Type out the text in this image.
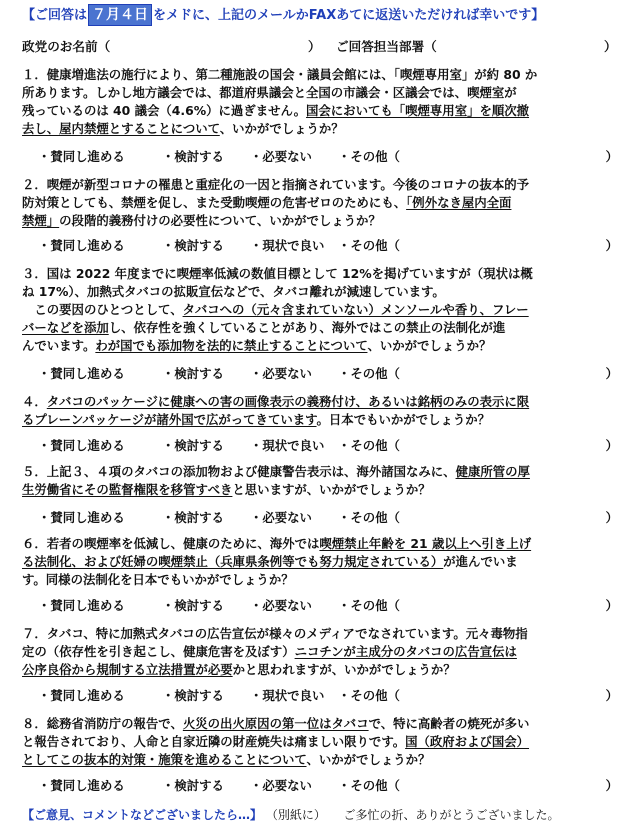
【ご回答は ７月４日 をメドに、上記のメールかFAXあてに返送いただければ幸いです】
政党のお名前（	） ご回答担当部署（	）
１．健康増進法の施行により、第二種施設の国会・議員会館には、「喫煙専用室」が約 80 か
所あります。しかし地方議会では、都道府県議会と全国の市議会・区議会では、喫煙室が
残っているのは 40 議会（4.6%）に過ぎません。国会においても「喫煙専用室」を順次撤
去し、屋内禁煙とすることについて、いかがでしょうか？
・賛同し進める	・検討する ・必要ない ・その他（	）
２．喫煙が新型コロナの罹患と重症化の一因と指摘されています。今後のコロナの抜本的予
防対策としても、禁煙を促し、また受動喫煙の危害ゼロのためにも、「例外なき屋内全面
禁煙」の段階的義務付けの必要性について、いかがでしょうか？
・賛同し進める	・検討する ・現状で良い ・その他（	）
３．国は 2022 年度までに喫煙率低減の数値目標として 12%を掲げていますが（現状は概
ね 17%）、加熱式タバコの拡販宣伝などで、タバコ離れが減速しています。
　この要因のひとつとして、タバコへの（元々含まれていない）メンソールや香り、フレー
バーなどを添加し、依存性を強くしていることがあり、海外ではこの禁止の法制化が進
んでいます。わが国でも添加物を法的に禁止することについて、いかがでしょうか？
・賛同し進める	・検討する ・必要ない ・その他（	）
４．タバコのパッケージに健康への害の画像表示の義務付け、あるいは銘柄のみの表示に限
るプレーンパッケージが諸外国で広がってきています。日本でもいかがでしょうか？
・賛同し進める	・検討する ・現状で良い ・その他（	）
５．上記３、４項のタバコの添加物および健康警告表示は、海外諸国なみに、健康所管の厚
生労働省にその監督権限を移管すべきと思いますが、いかがでしょうか？
・賛同し進める	・検討する ・必要ない ・その他（	）
６．若者の喫煙率を低減し、健康のために、海外では喫煙禁止年齢を 21 歳以上へ引き上げ
る法制化、および妊婦の喫煙禁止（兵庫県条例等でも努力規定されている）が進んでいま
す。同様の法制化を日本でもいかがでしょうか？
・賛同し進める	・検討する ・必要ない ・その他（	）
７．タバコ、特に加熱式タバコの広告宣伝が様々のメディアでなされています。元々毒物指
定の（依存性を引き起こし、健康危害を及ぼす）ニコチンが主成分のタバコの広告宣伝は
公序良俗から規制する立法措置が必要かと思われますが、いかがでしょうか？
・賛同し進める	・検討する ・現状で良い ・その他（	）
８．総務省消防庁の報告で、火災の出火原因の第一位はタバコで、特に高齢者の焼死が多い
と報告されており、人命と自家近隣の財産焼失は痛ましい限りです。国（政府および国会）
としてこの抜本的対策・施策を進めることについて、いかがでしょうか？
・賛同し進める	・検討する ・必要ない ・その他（	）
【ご意見、コメントなどございましたら…】 （別紙に） ご多忙の折、ありがとうございました。
